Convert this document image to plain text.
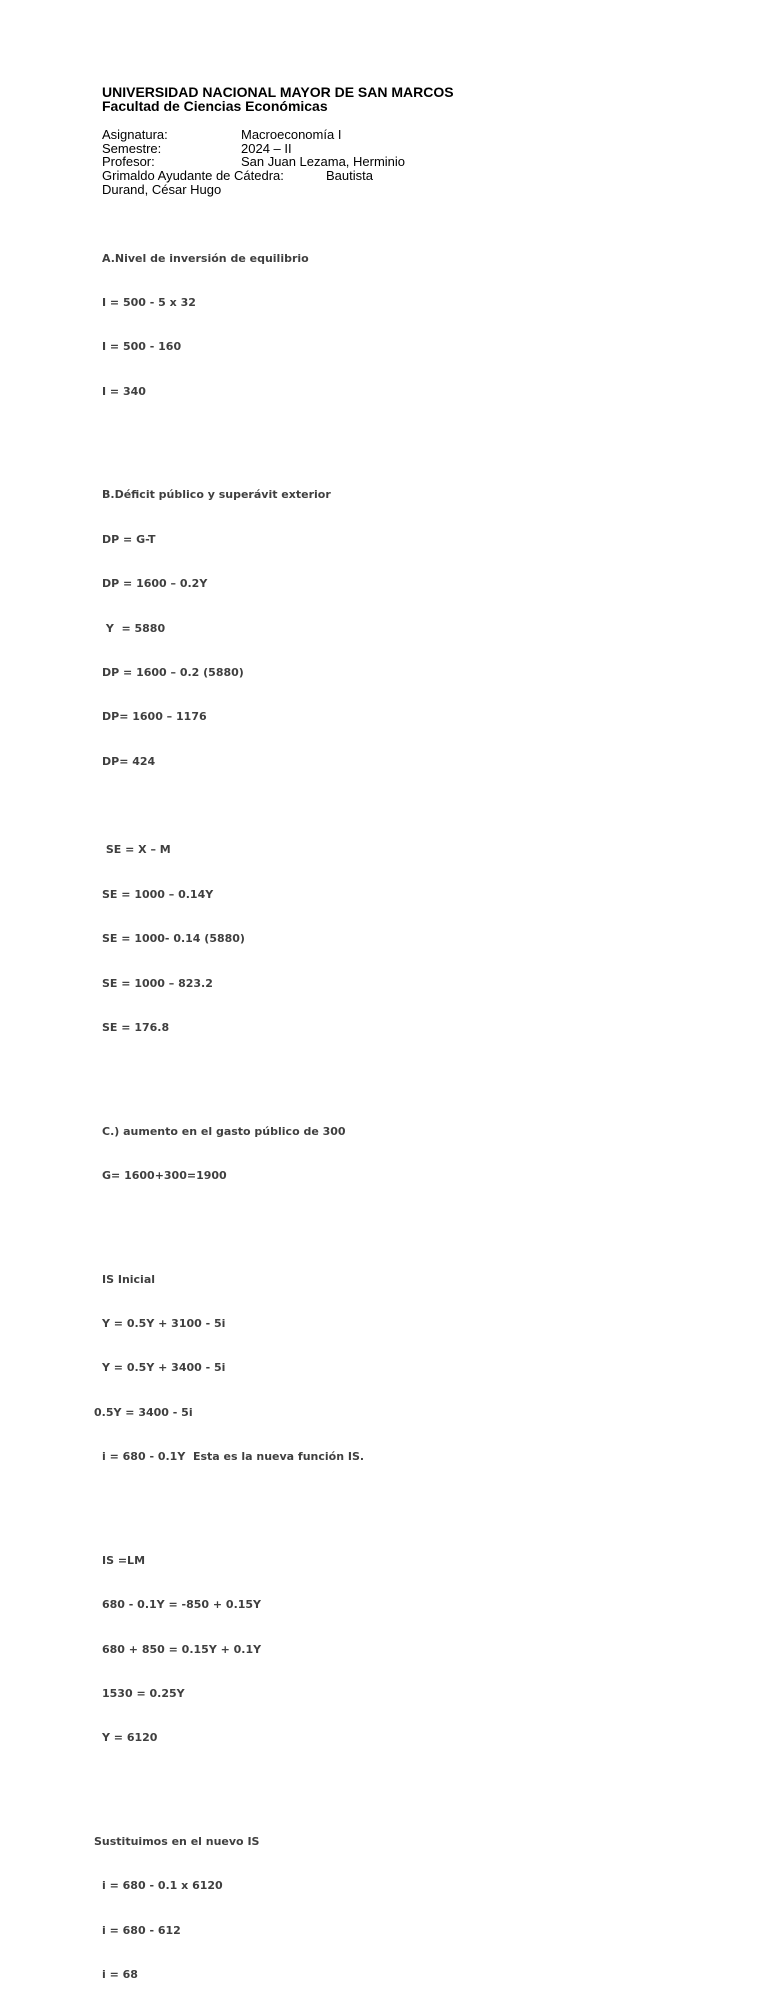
UNIVERSIDAD NACIONAL MAYOR DE SAN MARCOS
Facultad de Ciencias Económicas
Asignatura:	Macroeconomía I
Semestre:	2024 – II
Profesor:	San Juan Lezama, Herminio
Grimaldo Ayudante de Cátedra:	Bautista
Durand, César Hugo

A.Nivel de inversión de equilibrio

I = 500 - 5 x 32

I = 500 - 160

I = 340

B.Déficit público y superávit exterior

DP = G-T

DP = 1600 – 0.2Y

Y  = 5880

DP = 1600 – 0.2 (5880)

DP= 1600 – 1176

DP= 424

SE = X – M

SE = 1000 – 0.14Y

SE = 1000- 0.14 (5880)

SE = 1000 – 823.2

SE = 176.8

C.) aumento en el gasto público de 300

G= 1600+300=1900

IS Inicial

Y = 0.5Y + 3100 - 5i

Y = 0.5Y + 3400 - 5i

0.5Y = 3400 - 5i

i = 680 - 0.1Y  Esta es la nueva función IS.

IS =LM

680 - 0.1Y = -850 + 0.15Y

680 + 850 = 0.15Y + 0.1Y

1530 = 0.25Y

Y = 6120

Sustituimos en el nuevo IS

i = 680 - 0.1 x 6120

i = 680 - 612

i = 68
